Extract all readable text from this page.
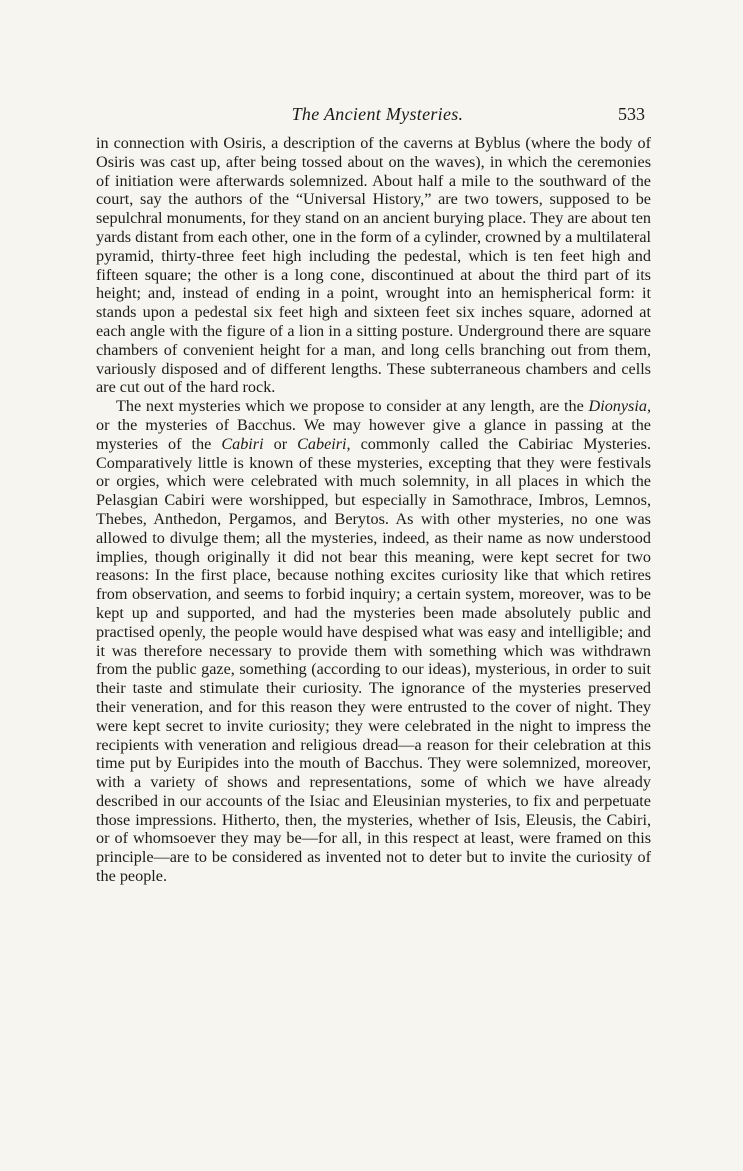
The Ancient Mysteries.	533

in connection with Osiris, a description of the caverns at Byblus (where the body of Osiris was cast up, after being tossed about on the waves), in which the ceremonies of initiation were afterwards solemnized. About half a mile to the southward of the court, say the authors of the “Universal History,” are two towers, supposed to be sepulchral monuments, for they stand on an ancient burying place. They are about ten yards distant from each other, one in the form of a cylinder, crowned by a multilateral pyramid, thirty-three feet high including the pedestal, which is ten feet high and fifteen square; the other is a long cone, discontinued at about the third part of its height; and, instead of ending in a point, wrought into an hemispherical form: it stands upon a pedestal six feet high and sixteen feet six inches square, adorned at each angle with the figure of a lion in a sitting posture. Underground there are square chambers of convenient height for a man, and long cells branching out from them, variously disposed and of different lengths. These subterraneous chambers and cells are cut out of the hard rock.

The next mysteries which we propose to consider at any length, are the Dionysia, or the mysteries of Bacchus. We may however give a glance in passing at the mysteries of the Cabiri or Cabeiri, commonly called the Cabiriac Mysteries. Comparatively little is known of these mysteries, excepting that they were festivals or orgies, which were celebrated with much solemnity, in all places in which the Pelasgian Cabiri were worshipped, but especially in Samothrace, Imbros, Lemnos, Thebes, Anthedon, Pergamos, and Berytos. As with other mysteries, no one was allowed to divulge them; all the mysteries, indeed, as their name as now understood implies, though originally it did not bear this meaning, were kept secret for two reasons: In the first place, because nothing excites curiosity like that which retires from observation, and seems to forbid inquiry; a certain system, moreover, was to be kept up and supported, and had the mysteries been made absolutely public and practised openly, the people would have despised what was easy and intelligible; and it was therefore necessary to provide them with something which was withdrawn from the public gaze, something (according to our ideas), mysterious, in order to suit their taste and stimulate their curiosity. The ignorance of the mysteries preserved their veneration, and for this reason they were entrusted to the cover of night. They were kept secret to invite curiosity; they were celebrated in the night to impress the recipients with veneration and religious dread—a reason for their celebration at this time put by Euripides into the mouth of Bacchus. They were solemnized, moreover, with a variety of shows and representations, some of which we have already described in our accounts of the Isiac and Eleusinian mysteries, to fix and perpetuate those impressions. Hitherto, then, the mysteries, whether of Isis, Eleusis, the Cabiri, or of whomsoever they may be—for all, in this respect at least, were framed on this principle—are to be considered as invented not to deter but to invite the curiosity of the people.
